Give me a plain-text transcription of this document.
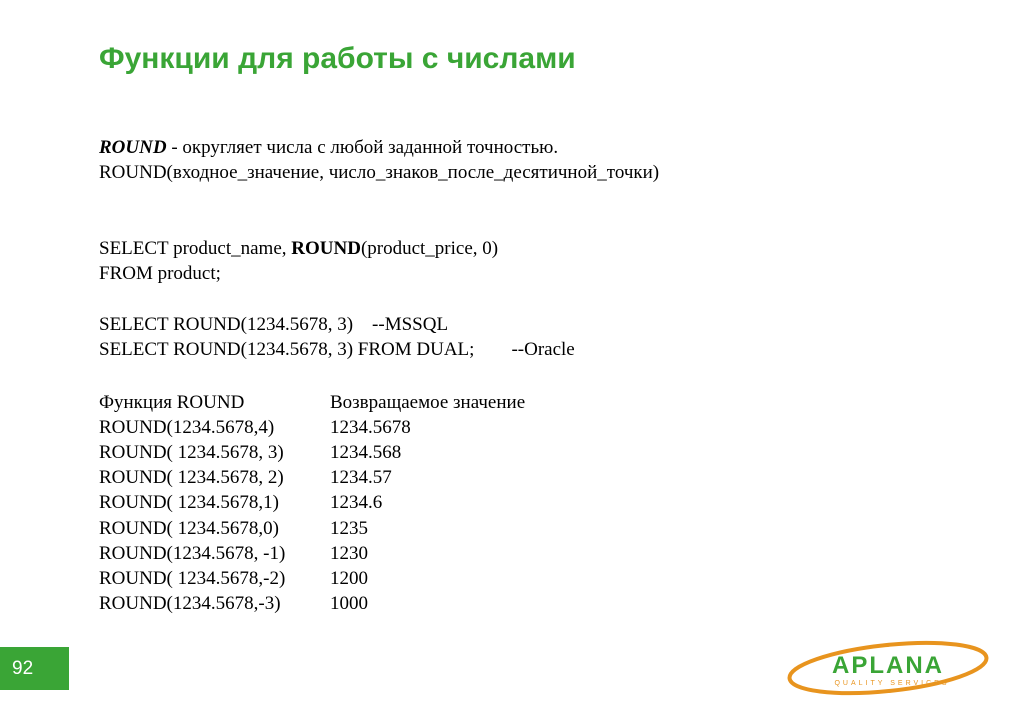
Функции для работы с числами
ROUND - округляет числа с любой заданной точностью.
ROUND(входное_значение, число_знаков_после_десятичной_точки)
SELECT product_name, ROUND(product_price, 0)
FROM product;
SELECT ROUND(1234.5678, 3) --MSSQL
SELECT ROUND(1234.5678, 3) FROM DUAL; --Oracle
Функция ROUND	Возвращаемое значение
ROUND(1234.5678,4)	1234.5678
ROUND( 1234.5678, 3)	1234.568
ROUND( 1234.5678, 2)	1234.57
ROUND( 1234.5678,1)	1234.6
ROUND( 1234.5678,0)	1235
ROUND(1234.5678, -1)	1230
ROUND( 1234.5678,-2)	1200
ROUND(1234.5678,-3)	1000
92	APLANA
QUALITY SERVICES
